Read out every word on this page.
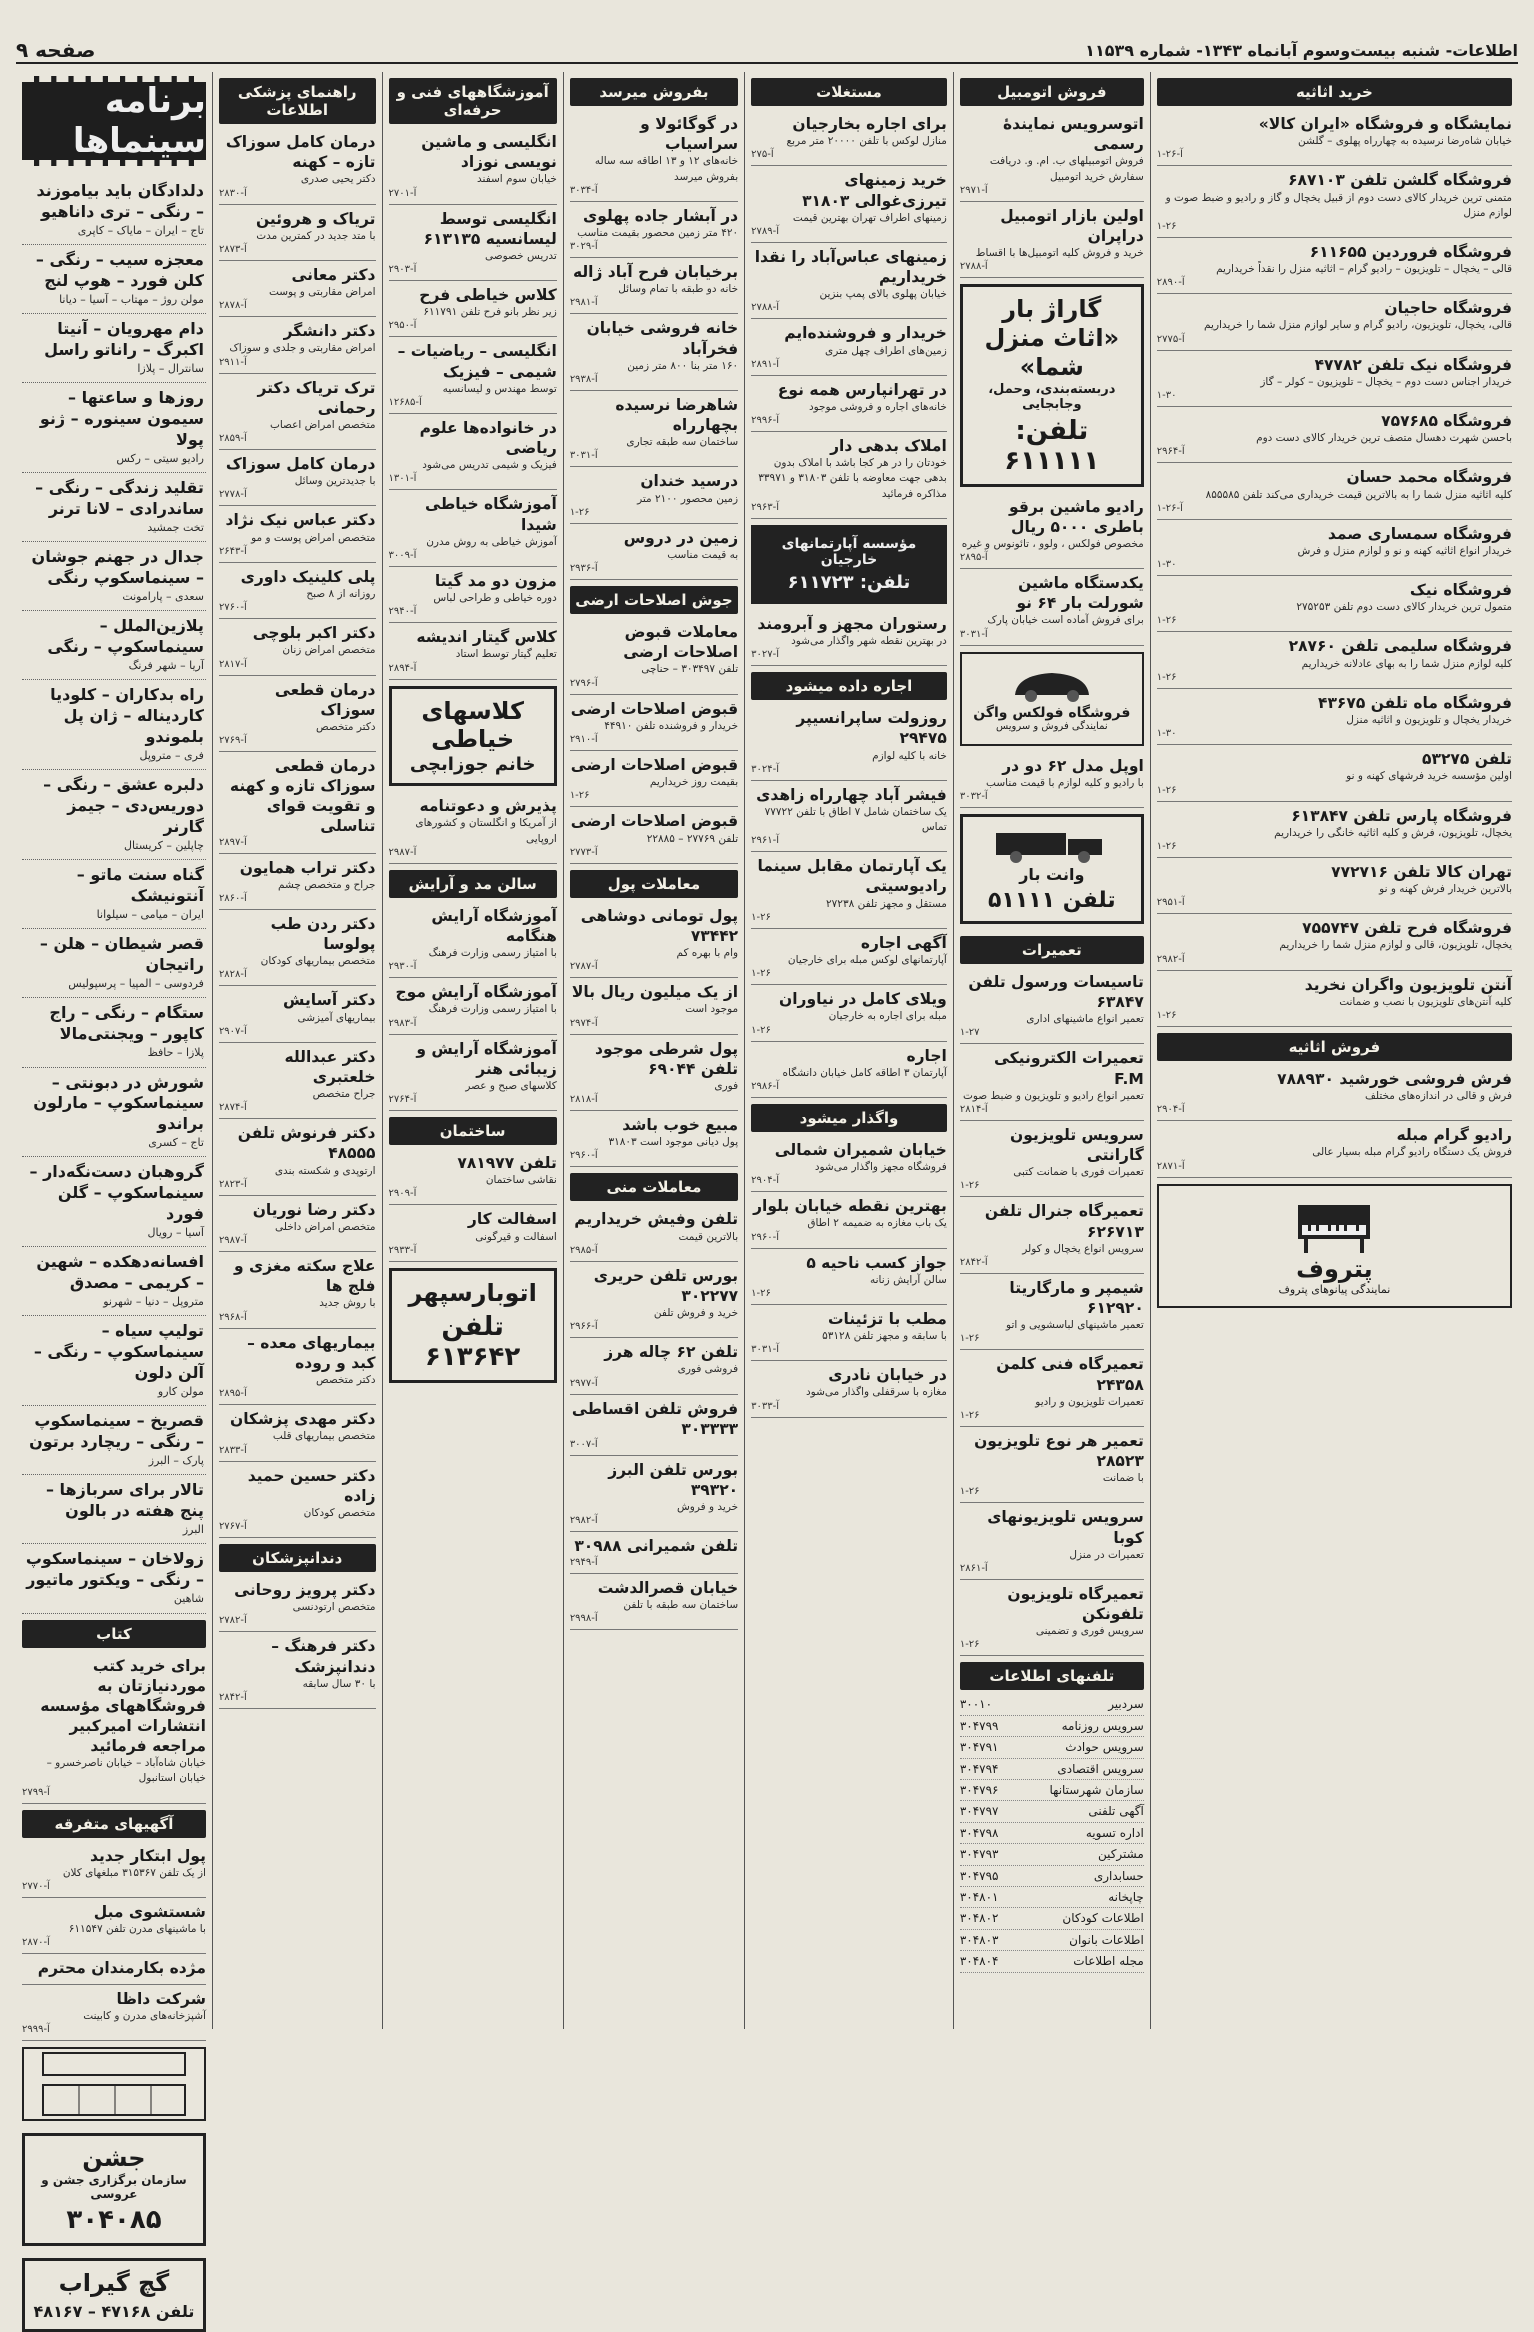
اطلاعات- شنبه بیست‌وسوم آبانماه ۱۳۴۳- شماره ۱۱۵۳۹
صفحه ۹
خرید اثاثیه
نمایشگاه و فروشگاه «ایران کالا»
خیابان شاه‌رضا نرسیده به چهارراه پهلوی – گلشن
آ-۲۶-۱
فروشگاه گلشن تلفن ۶۸۷۱۰۳
متمنی ترین خریدار کالای دست دوم از قبیل یخچال و گاز و رادیو و ضبط صوت و لوازم منزل
۱-۲۶
فروشگاه فروردین ۶۱۱۶۵۵
قالی – یخچال – تلویزیون – رادیو گرام – اثاثیه منزل را نقداً خریداریم
آ-۲۸۹۰
فروشگاه حاجیان
قالی، یخچال، تلویزیون، رادیو گرام و سایر لوازم منزل شما را خریداریم
آ-۲۷۷۵
فروشگاه نیک تلفن ۴۷۷۸۲
خریدار اجناس دست دوم – یخچال – تلویزیون – کولر – گاز
۱-۳۰
فروشگاه ۷۵۷۶۸۵
باحسن شهرت دهسال متصف ترین خریدار کالای دست دوم
آ-۲۹۶۴
فروشگاه محمد حسان
کلیه اثاثیه منزل شما را به بالاترین قیمت خریداری می‌کند تلفن ۸۵۵۵۸۵
آ-۲۶-۱
فروشگاه سمساری صمد
خریدار انواع اثاثیه کهنه و نو و لوازم منزل و فرش
۱-۳۰
فروشگاه نیک
متمول ترین خریدار کالای دست دوم تلفن ۲۷۵۲۵۳
۱-۲۶
فروشگاه سلیمی تلفن ۲۸۷۶۰
کلیه لوازم منزل شما را به بهای عادلانه خریداریم
۱-۲۶
فروشگاه ماه تلفن ۴۳۶۷۵
خریدار یخچال و تلویزیون و اثاثیه منزل
۱-۳۰
تلفن ۵۳۲۷۵
اولین مؤسسه خرید فرشهای کهنه و نو
۱-۲۶
فروشگاه پارس تلفن ۶۱۳۸۴۷
یخچال، تلویزیون، فرش و کلیه اثاثیه خانگی را خریداریم
۱-۲۶
تهران کالا تلفن ۷۷۲۷۱۶
بالاترین خریدار فرش کهنه و نو
آ-۲۹۵۱
فروشگاه فرح تلفن ۷۵۵۷۴۷
یخچال، تلویزیون، قالی و لوازم منزل شما را خریداریم
آ-۲۹۸۲
آنتن تلویزیون واگران نخرید
کلیه آنتن‌های تلویزیون با نصب و ضمانت
۱-۲۶
فروش اثاثیه
فرش فروشی خورشید ۷۸۸۹۳۰
فرش و قالی در اندازه‌های مختلف
آ-۲۹۰۴
رادیو گرام مبله
فروش یک دستگاه رادیو گرام مبله بسیار عالی
آ-۲۸۷۱
پتروف
نمایندگی پیانوهای پتروف
فروش اتومبیل
اتوسرویس نمایندهٔ رسمی
فروش اتومبیلهای ب. ام. و. دریافت سفارش خرید اتومبیل
آ-۲۹۷۱
اولین بازار اتومبیل دراپران
خرید و فروش کلیه اتومبیل‌ها با اقساط
آ-۲۷۸۸
گاراژ بار «اثاث منزل شما»
دربسته‌بندی، وحمل، وجابجایی
تلفن: ۶۱۱۱۱۱
رادیو ماشین برقو باطری ۵۰۰۰ ریال
مخصوص فولکس ، ولوو ، تائونوس و غیره
آ-۲۸۹۵
یکدستگاه ماشین شورلت بار ۶۴ نو
برای فروش آماده است خیابان پارک
آ-۳۰۳۱
فروشگاه فولکس واگن
نمایندگی فروش و سرویس
اوپل مدل ۶۲ دو در
با رادیو و کلیه لوازم با قیمت مناسب
آ-۳۰۳۲
وانت بار
تلفن ۵۱۱۱۱
تعمیرات
تاسیسات ورسول تلفن ۶۳۸۴۷
تعمیر انواع ماشینهای اداری
۱-۲۷
تعمیرات الکترونیکی F.M
تعمیر انواع رادیو و تلویزیون و ضبط صوت
آ-۲۸۱۴
سرویس تلویزیون گارانتی
تعمیرات فوری با ضمانت کتبی
۱-۲۶
تعمیرگاه جنرال تلفن ۶۲۶۷۱۳
سرویس انواع یخچال و کولر
آ-۲۸۴۲
شیمپر و مارگاریتا ۶۱۲۹۲۰
تعمیر ماشینهای لباسشویی و اتو
۱-۲۶
تعمیرگاه فنی کلمن ۲۴۳۵۸
تعمیرات تلویزیون و رادیو
۱-۲۶
تعمیر هر نوع تلویزیون ۲۸۵۲۳
با ضمانت
۱-۲۶
سرویس تلویزیونهای کوبا
تعمیرات در منزل
آ-۲۸۶۱
تعمیرگاه تلویزیون تلفونکن
سرویس فوری و تضمینی
۱-۲۶
تلفنهای اطلاعات
سردبیر
۳۰۰۱۰
سرویس روزنامه
۳۰۴۷۹۹
سرویس حوادث
۳۰۴۷۹۱
سرویس اقتصادی
۳۰۴۷۹۴
سازمان شهرستانها
۳۰۴۷۹۶
آگهی تلفنی
۳۰۴۷۹۷
اداره تسویه
۳۰۴۷۹۸
مشترکین
۳۰۴۷۹۳
حسابداری
۳۰۴۷۹۵
چاپخانه
۳۰۴۸۰۱
اطلاعات کودکان
۳۰۴۸۰۲
اطلاعات بانوان
۳۰۴۸۰۳
مجله اطلاعات
۳۰۴۸۰۴
مستغلات
برای اجاره بخارجیان
منازل لوکس با تلفن ۲۰۰۰۰ متر مربع
آ-۲۷۵
خرید زمینهای تیرزی‌غوالی ۳۱۸۰۳
زمینهای اطراف تهران بهترین قیمت
آ-۲۷۸۹
زمینهای عباس‌آباد را نقدا خریداریم
خیابان پهلوی بالای پمپ بنزین
آ-۲۷۸۸
خریدار و فروشنده‌ایم
زمین‌های اطراف چهل متری
آ-۲۸۹۱
در تهرانپارس همه نوع
خانه‌های اجاره و فروشی موجود
آ-۲۹۹۶
املاک بدهی دار
خودتان را در هر کجا باشد با املاک بدون بدهی جهت معاوضه با تلفن ۳۱۸۰۳ و ۳۳۹۷۱ مذاکره فرمائید
آ-۲۹۶۳
مؤسسه آپارتمانهای خارجیان
تلفن: ۶۱۱۷۲۳
رستوران مجهز و آبرومند
در بهترین نقطه شهر واگذار می‌شود
آ-۳۰۲۷
اجاره داده میشود
روزولت ساپرانسیپر ۲۹۴۷۵
خانه با کلیه لوازم
آ-۳۰۲۴
فیشر آباد چهارراه زاهدی
یک ساختمان شامل ۷ اطاق با تلفن ۷۷۷۲۲ تماس
آ-۲۹۶۱
یک آپارتمان مقابل سینما رادیوسیتی
مستقل و مجهز تلفن ۲۷۲۳۸
۱-۲۶
آگهی اجاره
آپارتمانهای لوکس مبله برای خارجیان
۱-۲۶
ویلای کامل در نیاوران
مبله برای اجاره به خارجیان
۱-۲۶
اجاره
آپارتمان ۳ اطاقه کامل خیابان دانشگاه
آ-۲۹۸۶
واگذار میشود
خیابان شمیران شمالی
فروشگاه مجهز واگذار می‌شود
آ-۲۹۰۴
بهترین نقطه خیابان بلوار
یک باب مغازه به ضمیمه ۲ اطاق
آ-۲۹۶۰
جواز کسب ناحیه ۵
سالن آرایش زنانه
۱-۲۶
مطب با تزئینات
با سابقه و مجهز تلفن ۵۳۱۲۸
آ-۳۰۳۱
در خیابان نادری
مغازه با سرقفلی واگذار می‌شود
آ-۳۰۳۳
بفروش میرسد
در گوگائولا و سراسیاب
خانه‌های ۱۲ و ۱۳ اطاقه سه ساله بفروش میرسد
آ-۳۰۳۴
در آبشار جاده پهلوی
۴۲۰ متر زمین محصور بقیمت مناسب
آ-۳۰۲۹
برخیابان فرح آباد ژاله
خانه دو طبقه با تمام وسائل
آ-۲۹۸۱
خانه فروشی خیابان فخرآباد
۱۶۰ متر بنا ۸۰۰ متر زمین
آ-۲۹۳۸
شاهرضا نرسیده بچهارراه
ساختمان سه طبقه تجاری
آ-۳۰۳۱
درسید خندان
زمین محصور ۲۱۰۰ متر
۱-۲۶
زمین در دروس
به قیمت مناسب
آ-۲۹۳۶
جوش اصلاحات ارضی
معاملات قبوض اصلاحات ارضی
تلفن ۳۰۳۴۹۷ – حناچی
آ-۲۷۹۶
قبوض اصلاحات ارضی
خریدار و فروشنده تلفن ۴۴۹۱۰
آ-۲۹۱۰
قبوض اصلاحات ارضی
بقیمت روز خریداریم
۱-۲۶
قبوض اصلاحات ارضی
تلفن ۲۷۷۶۹ – ۲۲۸۸۵
آ-۲۷۷۳
معاملات پول
پول تومانی دوشاهی ۷۳۴۴۲
وام با بهره کم
آ-۲۷۸۷
از یک میلیون ریال بالا
موجود است
آ-۲۹۷۴
پول شرطی موجود تلفن ۶۹۰۴۴
فوری
آ-۲۸۱۸
مبیع خوب باشد
پول دیانی موجود است ۳۱۸۰۳
آ-۲۹۶۰
معاملات منی
تلفن وفیش خریداریم
بالاترین قیمت
آ-۲۹۸۵
بورس تلفن حریری ۳۰۲۲۷۷
خرید و فروش تلفن
آ-۲۹۶۶
تلفن ۶۲ چاله هرز
فروشی فوری
آ-۲۹۷۷
فروش تلفن اقساطی ۳۰۳۳۳۳
آ-۳۰۰۷
بورس تلفن البرز ۳۹۳۲۰
خرید و فروش
آ-۲۹۸۲
تلفن شمیرانی ۳۰۹۸۸
آ-۲۹۴۹
خیابان قصرالدشت
ساختمان سه طبقه با تلفن
آ-۲۹۹۸
آموزشگاههای فنی و حرفه‌ای
انگلیسی و ماشین نویسی نوزاد
خیابان سوم اسفند
آ-۲۷۰۱
انگلیسی توسط لیسانسیه ۶۱۳۱۳۵
تدریس خصوصی
آ-۲۹۰۳
کلاس خیاطی فرح
زیر نظر بانو فرح تلفن ۶۱۱۷۹۱
آ-۲۹۵۰
انگلیسی – ریاضیات – شیمی – فیزیک
توسط مهندس و لیسانسیه
آ-۱۲۶۸۵
در خانواده‌ها علوم ریاضی
فیزیک و شیمی تدریس می‌شود
آ-۱۳۰۱
آموزشگاه خیاطی شیدا
آموزش خیاطی به روش مدرن
آ-۳۰۰۹
مزون دو مد گیتا
دوره خیاطی و طراحی لباس
آ-۲۹۴۰
کلاس گیتار اندیشه
تعلیم گیتار توسط استاد
آ-۲۸۹۴
کلاسهای خیاطی
خانم جوزابچی
پذیرش و دعوتنامه
از آمریکا و انگلستان و کشورهای اروپایی
آ-۲۹۸۷
سالن مد و آرایش
آموزشگاه آرایش هنگامه
با امتیاز رسمی وزارت فرهنگ
آ-۲۹۳۰
آموزشگاه آرایش موج
با امتیاز رسمی وزارت فرهنگ
آ-۲۹۸۳
آموزشگاه آرایش و زیبائی هنر
کلاسهای صبح و عصر
آ-۲۷۶۴
ساختمان
تلفن ۷۸۱۹۷۷
نقاشی ساختمان
آ-۲۹۰۹
اسفالت کار
اسفالت و قیرگونی
آ-۲۹۳۳
اتوبارسپهر
تلفن ۶۱۳۶۴۲
راهنمای پزشکی اطلاعات
درمان کامل سوزاک تازه – کهنه
دکتر یحیی صدری
آ-۲۸۳۰
تریاک و هروئین
با متد جدید در کمترین مدت
آ-۲۸۷۳
دکتر معانی
امراض مقاربتی و پوست
آ-۲۸۷۸
دکتر دانشگر
امراض مقاربتی و جلدی و سوزاک
آ-۲۹۱۱
ترک تریاک دکتر رحمانی
متخصص امراض اعصاب
آ-۲۸۵۹
درمان کامل سوزاک
با جدیدترین وسائل
آ-۲۷۷۸
دکتر عباس نیک نژاد
متخصص امراض پوست و مو
آ-۲۶۴۳
پلی کلینیک داوری
روزانه از ۸ صبح
آ-۲۷۶۰
دکتر اکبر بلوچی
متخصص امراض زنان
آ-۲۸۱۷
درمان قطعی سوزاک
دکتر متخصص
آ-۲۷۶۹
درمان قطعی سوزاک تازه و کهنه و تقویت قوای تناسلی
آ-۲۸۹۷
دکتر تراب همایون
جراح و متخصص چشم
آ-۲۸۶۰
دکتر ردن طب پولوسا
متخصص بیماریهای کودکان
آ-۲۸۲۸
دکتر آسایش
بیماریهای آمیزشی
آ-۲۹۰۷
دکتر عبدالله خلعتبری
جراح متخصص
آ-۲۸۷۴
دکتر فرنوش تلفن ۴۸۵۵۵
ارتوپدی و شکسته بندی
آ-۲۸۲۳
دکتر رضا نوریان
متخصص امراض داخلی
آ-۲۹۸۷
علاج سکته مغزی و فلج ها
با روش جدید
آ-۲۹۶۸
بیماریهای معده – کبد و روده
دکتر متخصص
آ-۲۸۹۵
دکتر مهدی پزشکان
متخصص بیماریهای قلب
آ-۲۸۳۳
دکتر حسین حمید زاده
متخصص کودکان
آ-۲۷۶۷
دندانپزشکان
دکتر پرویز روحانی
متخصص ارتودنسی
آ-۲۷۸۲
دکتر فرهنگ – دندانپزشک
با ۳۰ سال سابقه
آ-۲۸۴۲
برنامه سینماها
دلدادگان باید بیاموزند – رنگی – تری داناهیو
تاج – ایران – مایاک – کاپری
معجزه سیب – رنگی – کلن فورد – هوپ لنج
مولن روژ – مهتاب – آسیا – دیانا
دام مهرویان – آنیتا اکبرگ – راناتو راسل
سانترال – پلازا
روزها و ساعتها – سیمون سینوره – ژنو پولا
رادیو سیتی – رکس
تقلید زندگی – رنگی – ساندرادی – لانا ترنر
تخت جمشید
جدال در جهنم جوشان – سینماسکوپ رنگی
سعدی – پارامونت
پلازین‌الملل – سینماسکوپ – رنگی
آریا – شهر فرنگ
راه بدکاران – کلودیا کاردیناله – ژان پل بلموندو
فری – متروپل
دلبره عشق – رنگی – دوریس‌دی – جیمز گارنر
چاپلین – کریستال
گناه سنت ماتو – آنتونیشک
ایران – میامی – سیلوانا
قصر شیطان – هلن – راتیجان
فردوسی – المپیا – پرسپولیس
ستگام – رنگی – راج کاپور – ویجنتی‌مالا
پلازا – حافظ
شورش در دبونتی – سینماسکوپ – مارلون براندو
تاج – کسری
گروهبان دست‌نگه‌دار – سینماسکوپ – گلن فورد
آسیا – رویال
افسانه‌دهکده – شهین – کریمی – مصدق
متروپل – دنیا – شهرنو
تولیپ سیاه – سینماسکوپ – رنگی – آلن دلون
مولن کارو
قصریخ – سینماسکوپ – رنگی – ریچارد برتون
پارک – البرز
تالار برای سربازها – پنج هفته در بالون
البرز
زولاخان – سینماسکوپ – رنگی – ویکتور ماتیور
شاهین
کتاب
برای خرید کتب موردنیازتان به فروشگاههای مؤسسه انتشارات امیرکبیر مراجعه فرمائید
خیابان شاه‌آباد – خیابان ناصرخسرو – خیابان استانبول
آ-۲۷۹۹
آگهیهای متفرقه
پول ابتکار جدید
از یک تلفن ۳۱۵۳۶۷ مبلغهای کلان
آ-۲۷۷۰
شستشوی مبل
با ماشینهای مدرن تلفن ۶۱۱۵۴۷
آ-۲۸۷۰
مژده بکارمندان محترم
شرکت داظا
آشپزخانه‌های مدرن و کابینت
آ-۲۹۹۹
جشن
سازمان برگزاری جشن و عروسی
۳۰۴۰۸۵
گچ گیراب
تلفن ۴۷۱۶۸ – ۴۸۱۶۷
